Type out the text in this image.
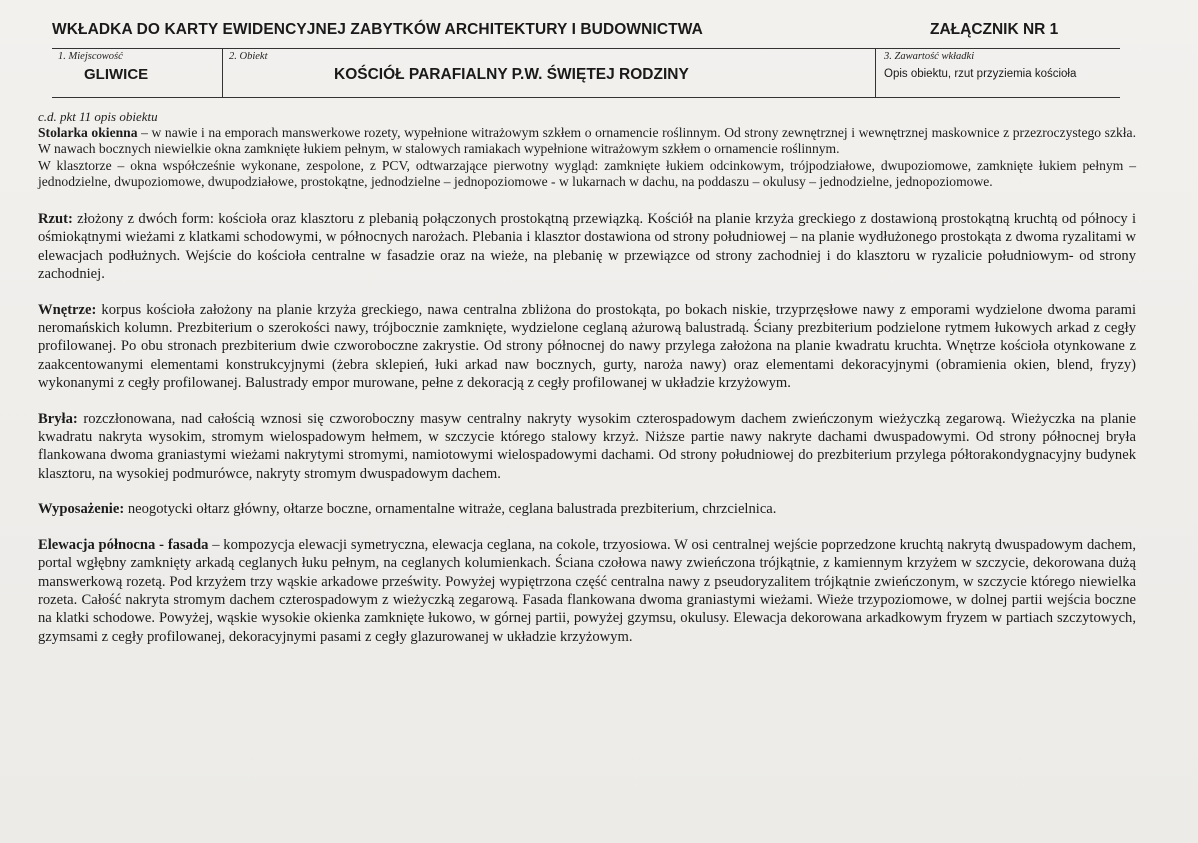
WKŁADKA DO KARTY EWIDENCYJNEJ ZABYTKÓW ARCHITEKTURY I BUDOWNICTWA	ZAŁĄCZNIK NR 1
1. Miejscowość
GLIWICE
2. Obiekt
KOŚCIÓŁ PARAFIALNY P.W. ŚWIĘTEJ RODZINY
3. Zawartość wkładki
Opis obiektu, rzut przyziemia kościoła

c.d. pkt 11 opis obiektu

Stolarka okienna – w nawie i na emporach manswerkowe rozety, wypełnione witrażowym szkłem o ornamencie roślinnym. Od strony zewnętrznej i wewnętrznej maskownice z przezroczystego szkła. W nawach bocznych niewielkie okna zamknięte łukiem pełnym, w stalowych ramiakach wypełnione witrażowym szkłem o ornamencie roślinnym.

W klasztorze – okna współcześnie wykonane, zespolone, z PCV, odtwarzające pierwotny wygląd: zamknięte łukiem odcinkowym, trójpodziałowe, dwupoziomowe, zamknięte łukiem pełnym – jednodzielne, dwupoziomowe, dwupodziałowe, prostokątne, jednodzielne – jednopoziomowe - w lukarnach w dachu, na poddaszu – okulusy – jednodzielne, jednopoziomowe.

Rzut: złożony z dwóch form: kościoła oraz klasztoru z plebanią połączonych prostokątną przewiązką. Kościół na planie krzyża greckiego z dostawioną prostokątną kruchtą od północy i ośmiokątnymi wieżami z klatkami schodowymi, w północnych narożach. Plebania i klasztor dostawiona od strony południowej – na planie wydłużonego prostokąta z dwoma ryzalitami w elewacjach podłużnych. Wejście do kościoła centralne w fasadzie oraz na wieże, na plebanię w przewiązce od strony zachodniej i do klasztoru w ryzalicie południowym- od strony zachodniej.

Wnętrze: korpus kościoła założony na planie krzyża greckiego, nawa centralna zbliżona do prostokąta, po bokach niskie, trzyprzęsłowe nawy z emporami wydzielone dwoma parami neromańskich kolumn. Prezbiterium o szerokości nawy, trójbocznie zamknięte, wydzielone ceglaną ażurową balustradą. Ściany prezbiterium podzielone rytmem łukowych arkad z cegły profilowanej. Po obu stronach prezbiterium dwie czworoboczne zakrystie. Od strony północnej do nawy przylega założona na planie kwadratu kruchta. Wnętrze kościoła otynkowane z zaakcentowanymi elementami konstrukcyjnymi (żebra sklepień, łuki arkad naw bocznych, gurty, naroża nawy) oraz elementami dekoracyjnymi (obramienia okien, blend, fryzy) wykonanymi z cegły profilowanej. Balustrady empor murowane, pełne z dekoracją z cegły profilowanej w układzie krzyżowym.

Bryła: rozczłonowana, nad całością wznosi się czworoboczny masyw centralny nakryty wysokim czterospadowym dachem zwieńczonym wieżyczką zegarową. Wieżyczka na planie kwadratu nakryta wysokim, stromym wielospadowym hełmem, w szczycie którego stalowy krzyż. Niższe partie nawy nakryte dachami dwuspadowymi. Od strony północnej bryła flankowana dwoma graniastymi wieżami nakrytymi stromymi, namiotowymi wielospadowymi dachami. Od strony południowej do prezbiterium przylega półtorakondygnacyjny budynek klasztoru, na wysokiej podmurówce, nakryty stromym dwuspadowym dachem.

Wyposażenie: neogotycki ołtarz główny, ołtarze boczne, ornamentalne witraże, ceglana balustrada prezbiterium, chrzcielnica.

Elewacja północna - fasada – kompozycja elewacji symetryczna, elewacja ceglana, na cokole, trzyosiowa. W osi centralnej wejście poprzedzone kruchtą nakrytą dwuspadowym dachem, portal wgłębny zamknięty arkadą ceglanych łuku pełnym, na ceglanych kolumienkach. Ściana czołowa nawy zwieńczona trójkątnie, z kamiennym krzyżem w szczycie, dekorowana dużą manswerkową rozetą. Pod krzyżem trzy wąskie arkadowe prześwity. Powyżej wypiętrzona część centralna nawy z pseudoryzalitem trójkątnie zwieńczonym, w szczycie którego niewielka rozeta. Całość nakryta stromym dachem czterospadowym z wieżyczką zegarową. Fasada flankowana dwoma graniastymi wieżami. Wieże trzypoziomowe, w dolnej partii wejścia boczne na klatki schodowe. Powyżej, wąskie wysokie okienka zamknięte łukowo, w górnej partii, powyżej gzymsu, okulusy. Elewacja dekorowana arkadkowym fryzem w partiach szczytowych, gzymsami z cegły profilowanej, dekoracyjnymi pasami z cegły glazurowanej w układzie krzyżowym.
